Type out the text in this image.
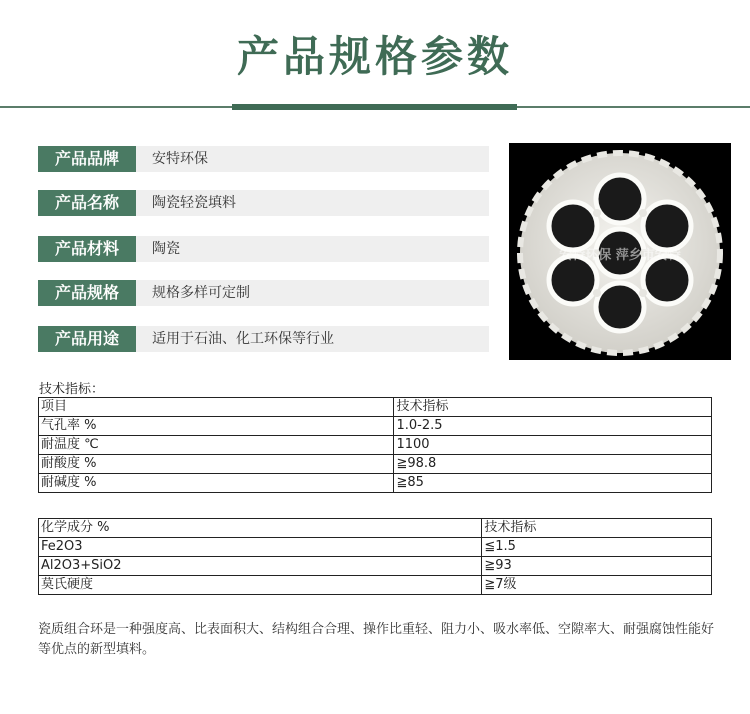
产品规格参数
产品品牌	安特环保
产品名称	陶瓷轻瓷填料
产品材料	陶瓷
产品规格	规格多样可定制
产品用途	适用于石油、化工环保等行业
安特环保 萍乡市安特
技术指标：
项目	技术指标
气孔率 %	1.0-2.5
耐温度 ℃	1100
耐酸度 %	≧98.8
耐碱度 %	≧85
化学成分 %	技术指标
Fe2O3	≦1.5
Al2O3+SiO2	≧93
莫氏硬度	≧7级
瓷质组合环是一种强度高、比表面积大、结构组合合理、操作比重轻、阻力小、吸水率低、空隙率大、耐强腐蚀性能好等优点的新型填料。
